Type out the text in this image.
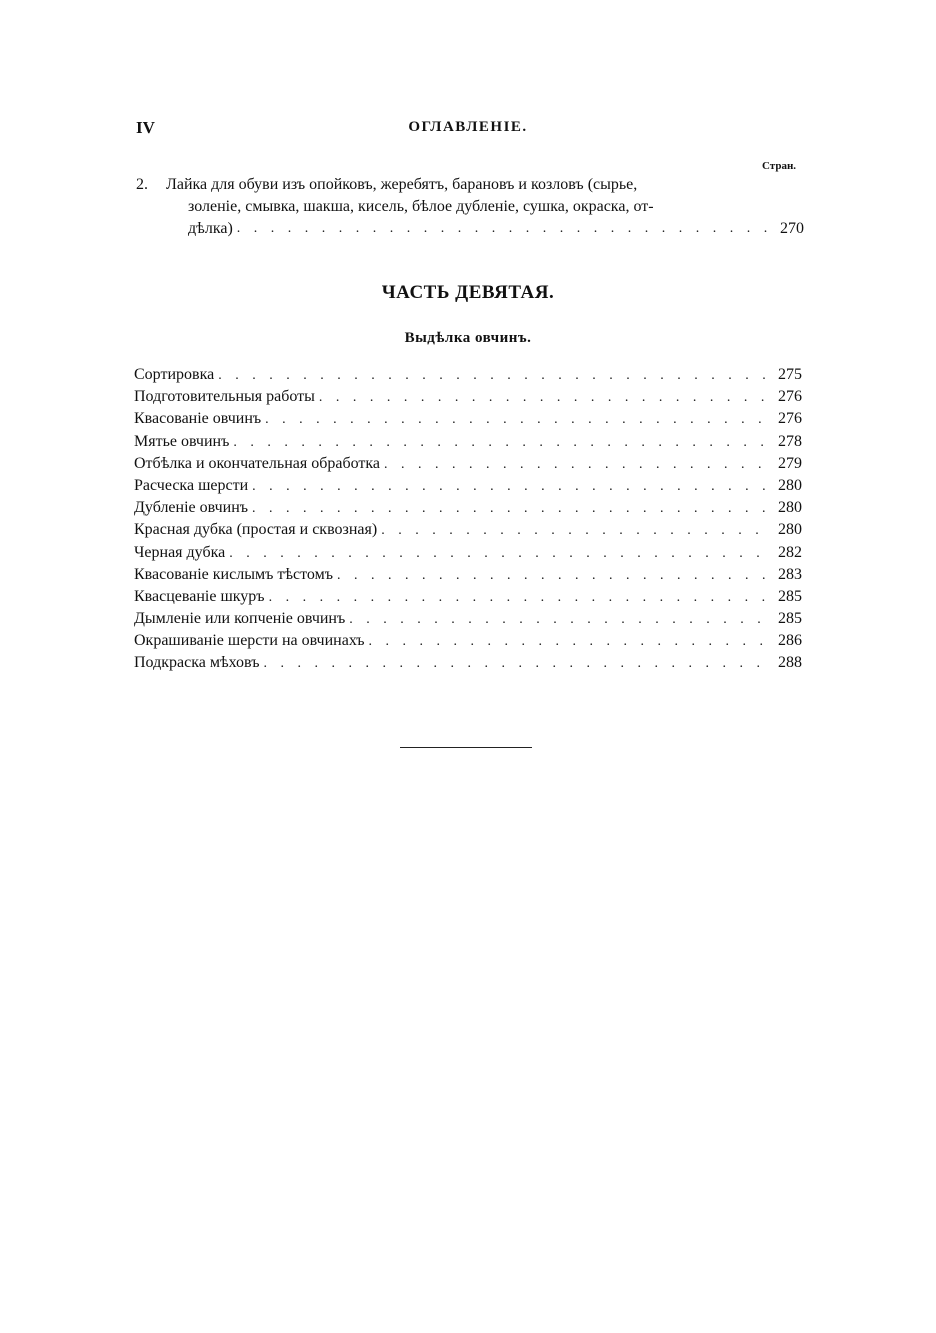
IV	ОГЛАВЛЕНІЕ.
Стран.
2. Лайка для обуви изъ опойковъ, жеребятъ, барановъ и козловъ (сырье,
золеніе, смывка, шакша, кисель, бѣлое дубленіе, сушка, окраска, от-
дѣлка) . . .	270
ЧАСТЬ ДЕВЯТАЯ.
Выдѣлка овчинъ.
Сортировка . . .	275
Подготовительныя работы . . .	276
Квасованіе овчинъ . . .	276
Мятье овчинъ . . .	278
Отбѣлка и окончательная обработка . . .	279
Расческа шерсти . . .	280
Дубленіе овчинъ . . .	280
Красная дубка (простая и сквозная) . . .	280
Черная дубка . . .	282
Квасованіе кислымъ тѣстомъ . . .	283
Квасцеваніе шкуръ . . .	285
Дымленіе или копченіе овчинъ . . .	285
Окрашиваніе шерсти на овчинахъ . . .	286
Подкраска мѣховъ . . .	288
